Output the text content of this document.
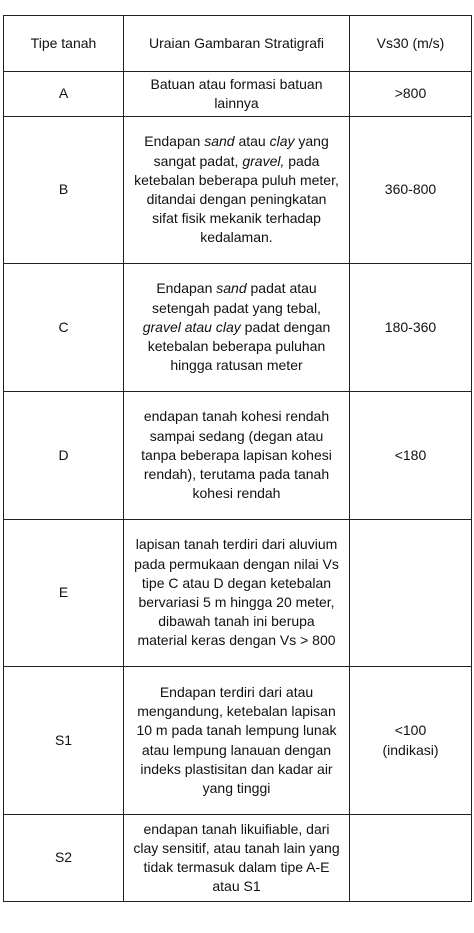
Tipe tanah	Uraian Gambaran Stratigrafi	Vs30 (m/s)
A	Batuan atau formasi batuan lainnya	>800
B	Endapan sand atau clay yang sangat padat, gravel, pada ketebalan beberapa puluh meter, ditandai dengan peningkatan sifat fisik mekanik terhadap kedalaman.	360-800
C	Endapan sand padat atau setengah padat yang tebal, gravel atau clay padat dengan ketebalan beberapa puluhan hingga ratusan meter	180-360
D	endapan tanah kohesi rendah sampai sedang (degan atau tanpa beberapa lapisan kohesi rendah), terutama pada tanah kohesi rendah	<180
E	lapisan tanah terdiri dari aluvium pada permukaan dengan nilai Vs tipe C atau D degan ketebalan bervariasi 5 m hingga 20 meter, dibawah tanah ini berupa material keras dengan Vs > 800	
S1	Endapan terdiri dari atau mengandung, ketebalan lapisan 10 m pada tanah lempung lunak atau lempung lanauan dengan indeks plastisitan dan kadar air yang tinggi	<100
(indikasi)
S2	endapan tanah likuifiable, dari clay sensitif, atau tanah lain yang tidak termasuk dalam tipe A-E atau S1	
